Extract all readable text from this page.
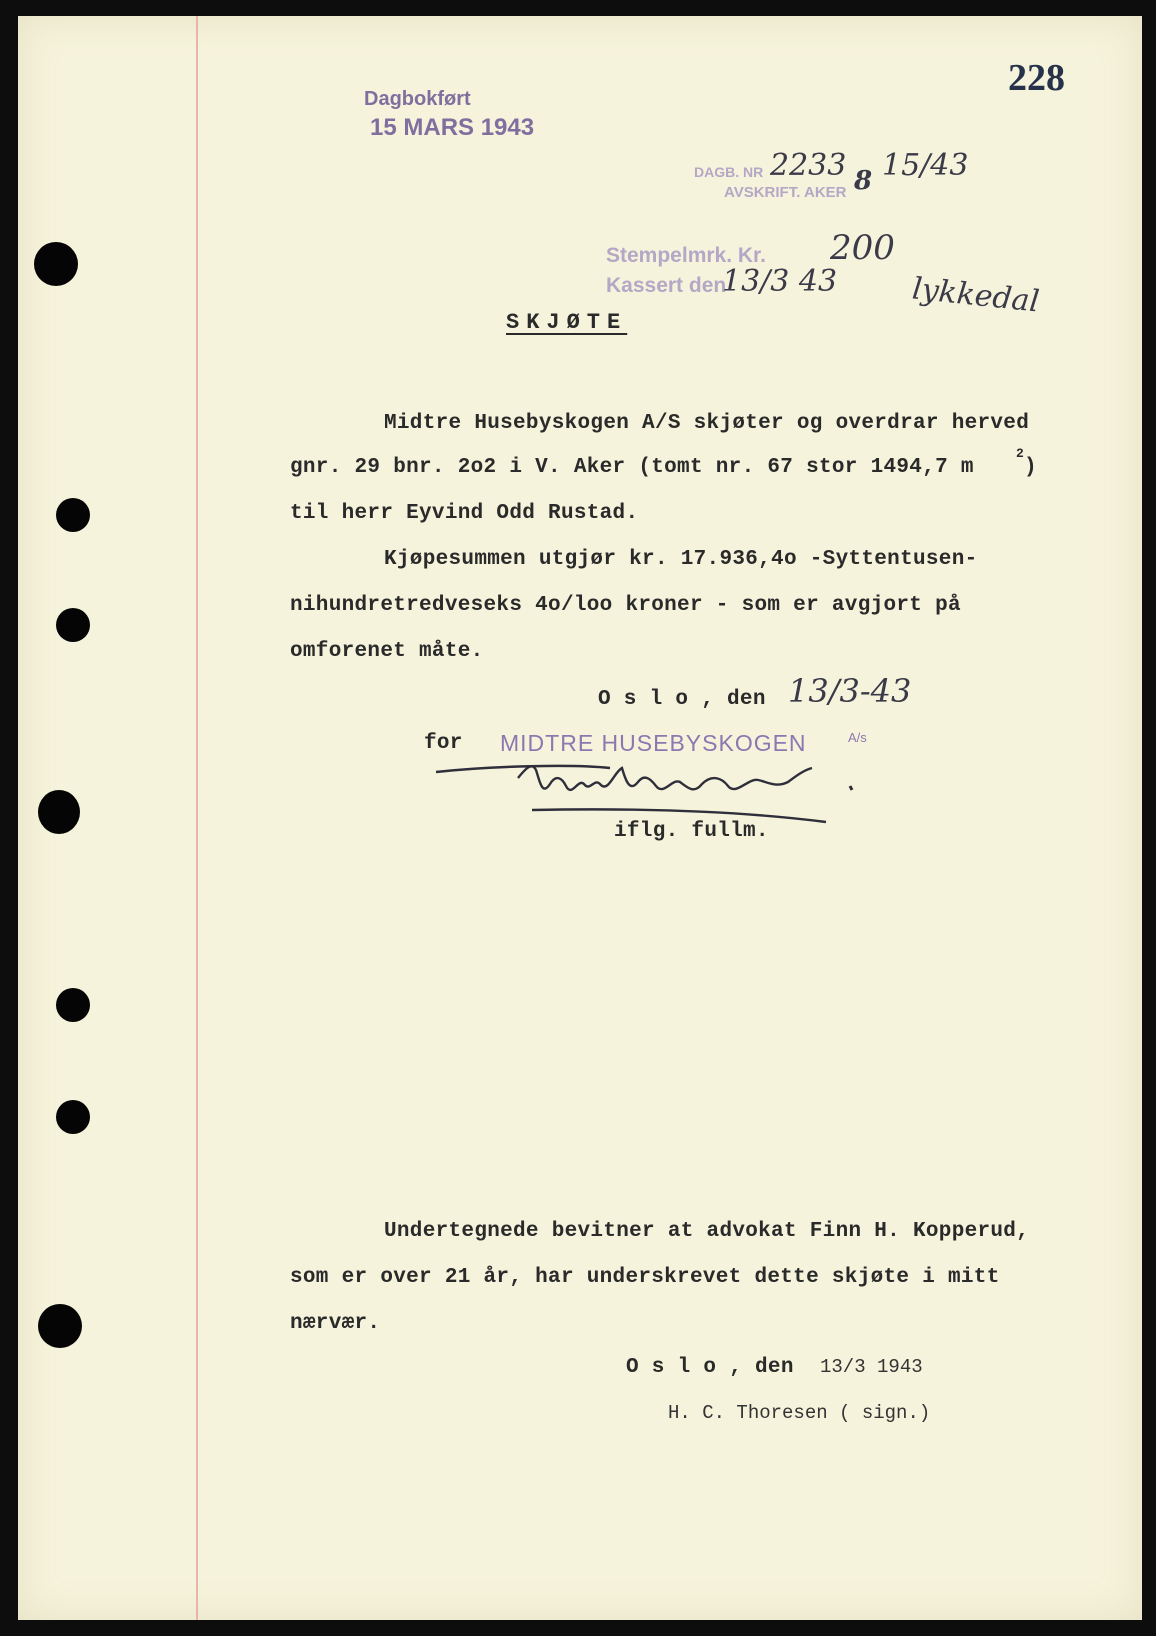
228
Dagbokført
15 MARS 1943
DAGB. NR 2233 8 15/43
AVSKRIFT. AKER
Stempelmrk. Kr. 200
Kassert den
13/3 43 lykkedal
SKJØTE
Midtre Husebyskogen A/S skjøter og overdrar herved
gnr. 29 bnr. 2o2 i V. Aker (tomt nr. 67 stor 1494,7 m
2
)
til herr Eyvind Odd Rustad.
Kjøpesummen utgjør kr. 17.936,4o -Syttentusen-
nihundretredveseks 4o/loo kroner - som er avgjort på
omforenet måte.
O s l o , den 13/3-43
for MIDTRE HUSEBYSKOGEN	A/s
iflg. fullm.
Undertegnede bevitner at advokat Finn H. Kopperud,
som er over 21 år, har underskrevet dette skjøte i mitt
nærvær.
O s l o , den 13/3 1943
H. C. Thoresen ( sign.)
